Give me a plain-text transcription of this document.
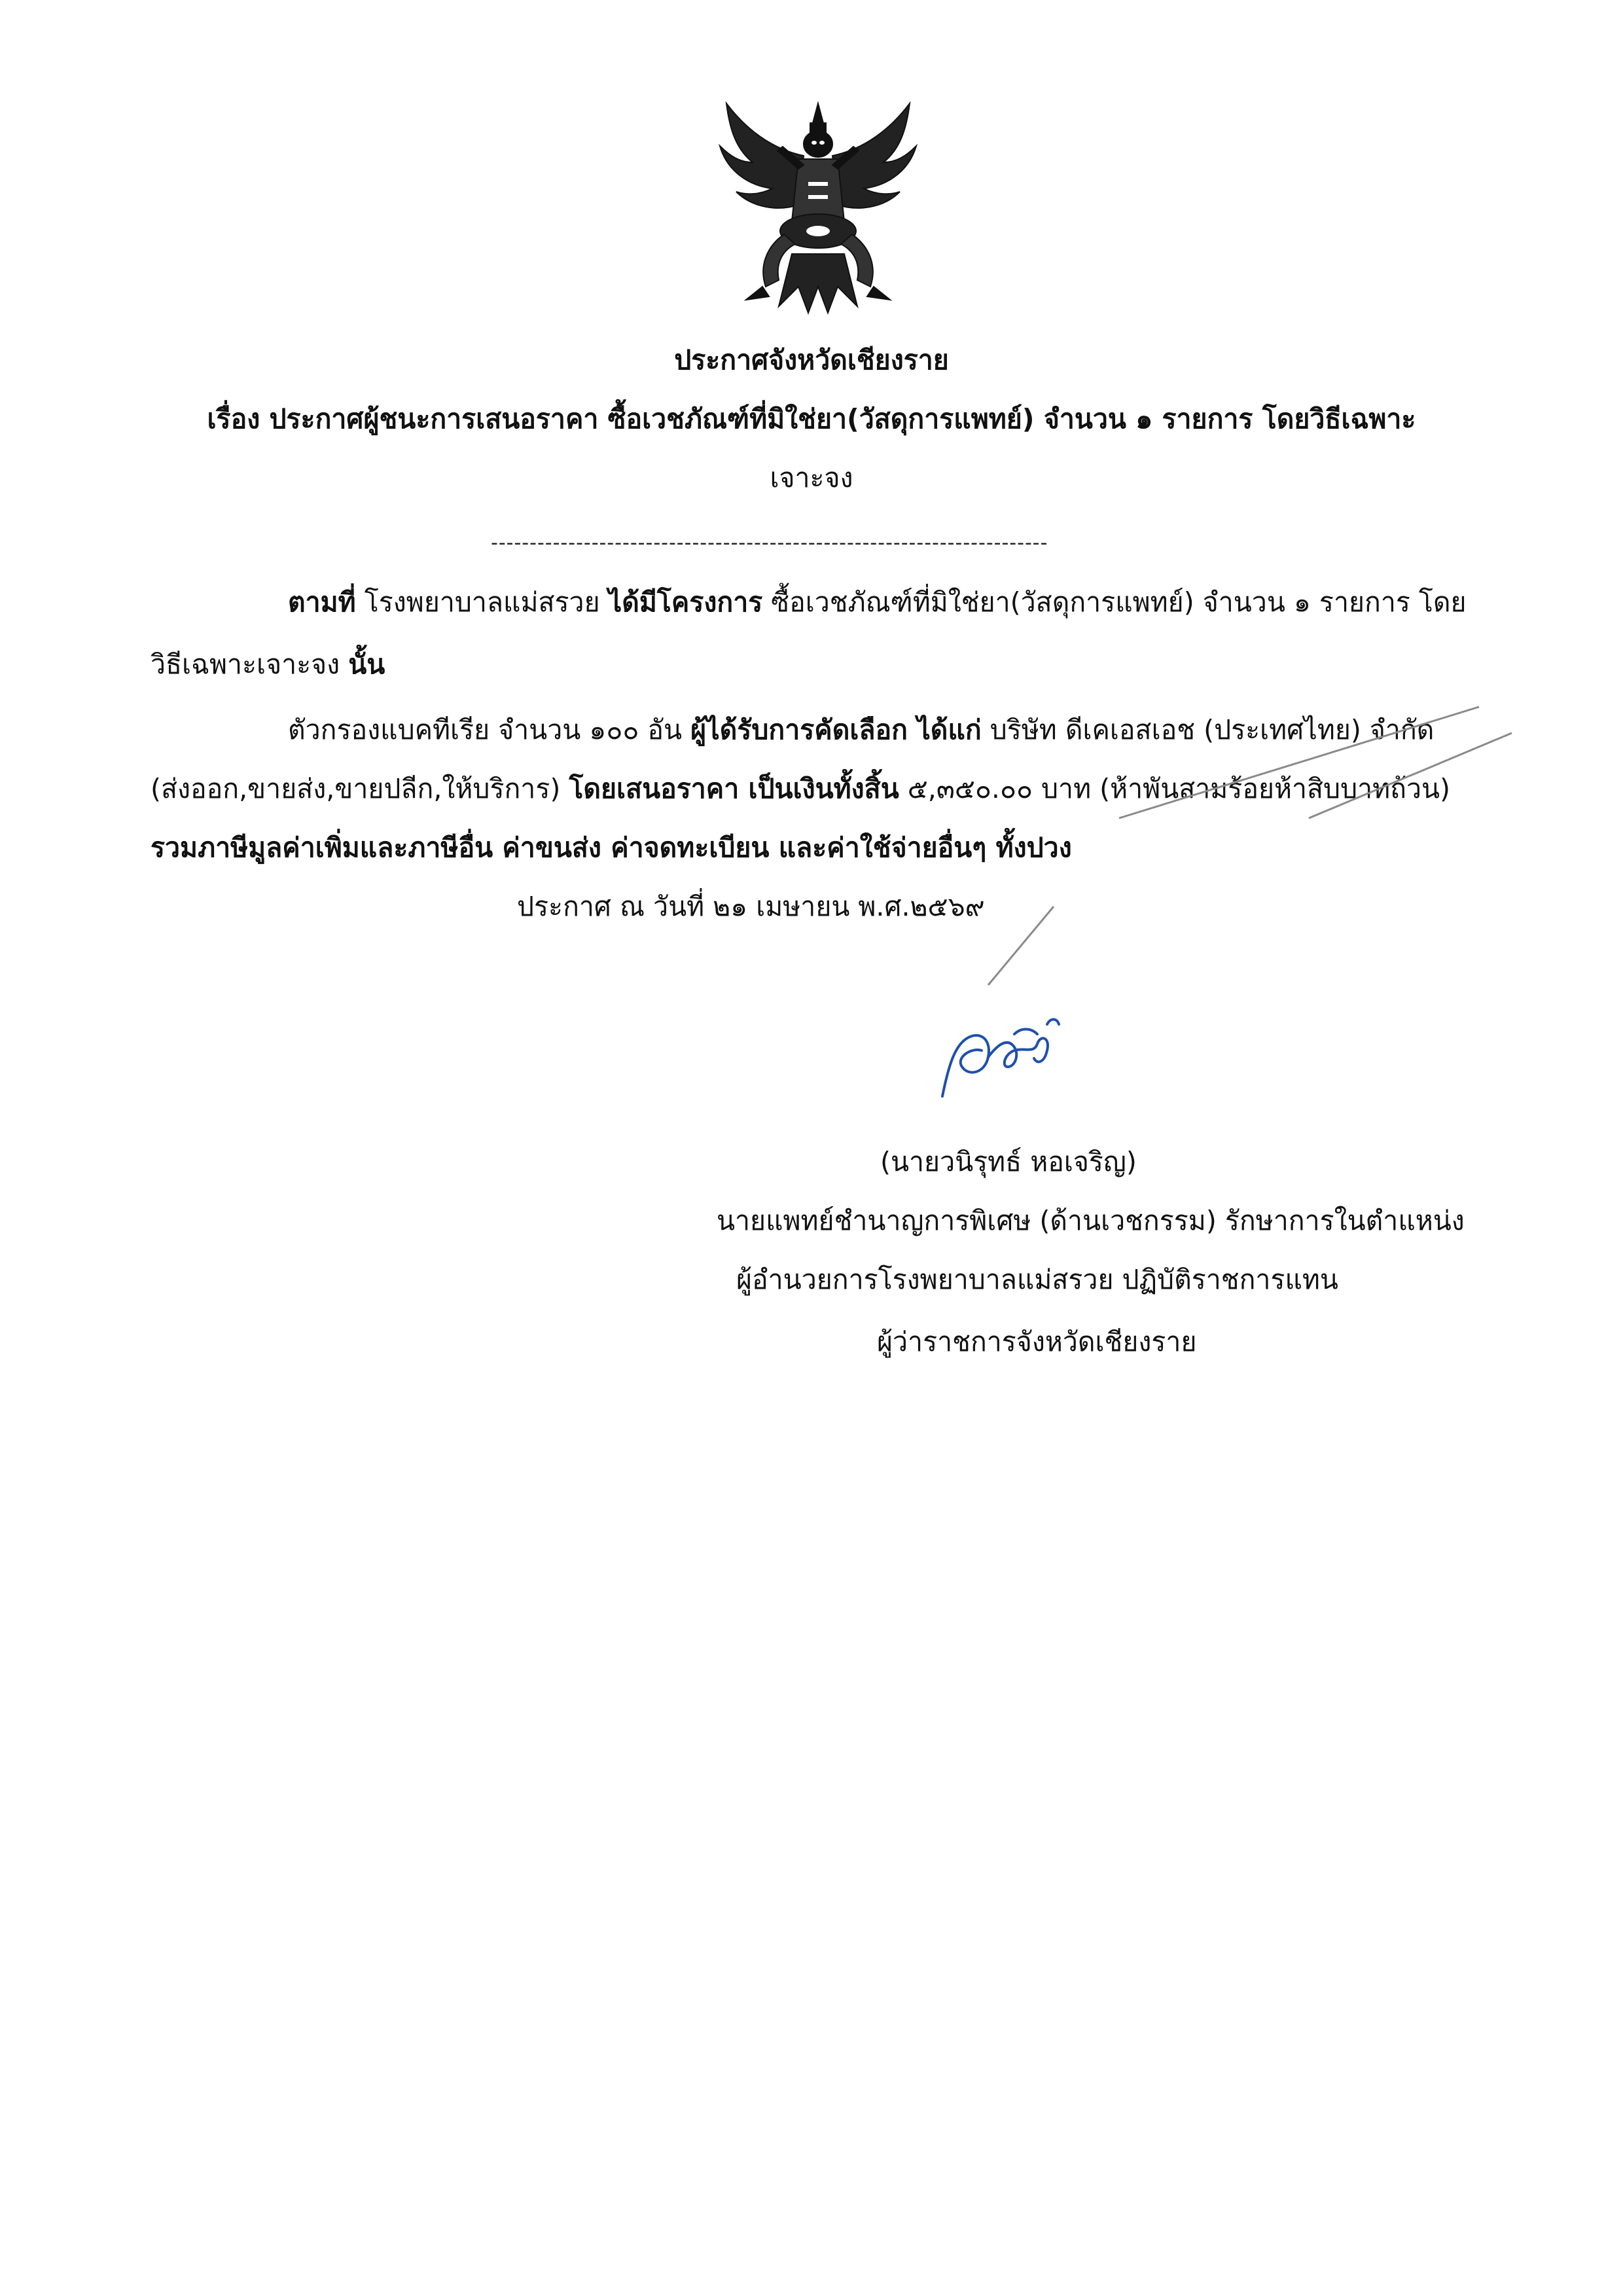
ประกาศจังหวัดเชียงราย
เรื่อง ประกาศผู้ชนะการเสนอราคา ซื้อเวชภัณฑ์ที่มิใช่ยา(วัสดุการแพทย์) จำนวน ๑ รายการ โดยวิธีเฉพาะ
เจาะจง
------------------------------------------------------------------------
ตามที่ โรงพยาบาลแม่สรวย ได้มีโครงการ ซื้อเวชภัณฑ์ที่มิใช่ยา(วัสดุการแพทย์) จำนวน ๑ รายการ โดย
วิธีเฉพาะเจาะจง นั้น
ตัวกรองแบคทีเรีย จำนวน ๑๐๐ อัน ผู้ได้รับการคัดเลือก ได้แก่ บริษัท ดีเคเอสเอช (ประเทศไทย) จำกัด
(ส่งออก,ขายส่ง,ขายปลีก,ให้บริการ) โดยเสนอราคา เป็นเงินทั้งสิ้น ๕,๓๕๐.๐๐ บาท (ห้าพันสามร้อยห้าสิบบาทถ้วน)
รวมภาษีมูลค่าเพิ่มและภาษีอื่น ค่าขนส่ง ค่าจดทะเบียน และค่าใช้จ่ายอื่นๆ ทั้งปวง
ประกาศ ณ วันที่ ๒๑ เมษายน พ.ศ.๒๕๖๙
(นายวนิรุทธ์ หอเจริญ)
นายแพทย์ชำนาญการพิเศษ (ด้านเวชกรรม) รักษาการในตำแหน่ง
ผู้อำนวยการโรงพยาบาลแม่สรวย ปฏิบัติราชการแทน
ผู้ว่าราชการจังหวัดเชียงราย
